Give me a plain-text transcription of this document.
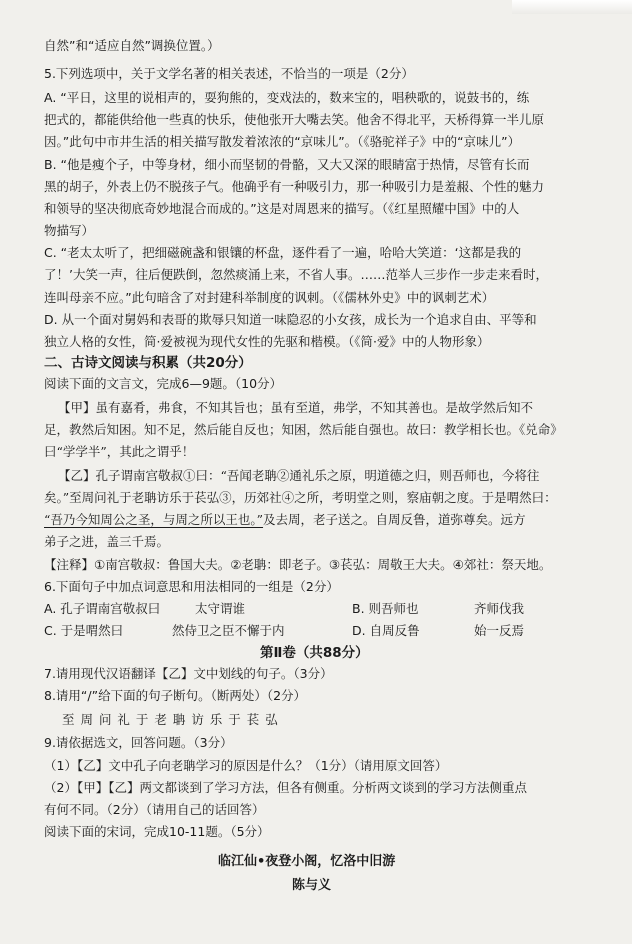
自然”和“适应自然”调换位置。）
5.下列选项中，关于文学名著的相关表述，不恰当的一项是（2分）
A. “平日，这里的说相声的，耍狗熊的，变戏法的，数来宝的，唱秧歌的，说鼓书的，练
把式的，都能供给他一些真的快乐，使他张开大嘴去笑。他舍不得北平，天桥得算一半儿原
因。”此句中市井生活的相关描写散发着浓浓的“京味儿”。（《骆驼祥子》中的“京味儿”）
B. “他是瘦个子，中等身材，细小而坚韧的骨骼，又大又深的眼睛富于热情，尽管有长而
黑的胡子，外表上仍不脱孩子气。他确乎有一种吸引力，那一种吸引力是羞赧、个性的魅力
和领导的坚决彻底奇妙地混合而成的。”这是对周恩来的描写。（《红星照耀中国》中的人
物描写）
C. “老太太听了，把细磁碗盏和银镶的杯盘，逐件看了一遍，哈哈大笑道：‘这都是我的
了！’大笑一声，往后便跌倒，忽然痰涌上来，不省人事。……范举人三步作一步走来看时，
连叫母亲不应。”此句暗含了对封建科举制度的讽刺。（《儒林外史》中的讽刺艺术）
D. 从一个面对舅妈和表哥的欺辱只知道一味隐忍的小女孩，成长为一个追求自由、平等和
独立人格的女性，简·爱被视为现代女性的先驱和楷模。（《简·爱》中的人物形象）
二、古诗文阅读与积累（共20分）
阅读下面的文言文，完成6—9题。（10分）
【甲】虽有嘉肴，弗食，不知其旨也；虽有至道，弗学，不知其善也。是故学然后知不
足，教然后知困。知不足，然后能自反也；知困，然后能自强也。故曰：教学相长也。《兑命》
曰“学学半”，其此之谓乎！
【乙】孔子谓南宫敬叔①曰：“吾闻老聃②通礼乐之原，明道德之归，则吾师也，今将往
矣。”至周问礼于老聃访乐于苌弘③，历郊社④之所，考明堂之则，察庙朝之度。于是喟然曰：
“吾乃今知周公之圣，与周之所以王也。”及去周，老子送之。自周反鲁，道弥尊矣。远方
弟子之进，盖三千焉。
【注释】①南宫敬叔：鲁国大夫。②老聃：即老子。③苌弘：周敬王大夫。④郊社：祭天地。
6.下面句子中加点词意思和用法相同的一组是（2分）
A. 孔子谓南宫敬叔曰	太守谓谁	B. 则吾师也	齐师伐我
C. 于是喟然曰	然侍卫之臣不懈于内	D. 自周反鲁	始一反焉
第Ⅱ卷（共88分）
7.请用现代汉语翻译【乙】文中划线的句子。（3分）
8.请用“/”给下面的句子断句。（断两处）（2分）
至 周 问 礼 于 老 聃 访 乐 于 苌 弘
9.请依据选文，回答问题。（3分）
（1）【乙】文中孔子向老聃学习的原因是什么？（1分）（请用原文回答）
（2）【甲】【乙】两文都谈到了学习方法，但各有侧重。分析两文谈到的学习方法侧重点
有何不同。（2分）（请用自己的话回答）
阅读下面的宋词，完成10-11题。（5分）
临江仙•夜登小阁，忆洛中旧游
陈与义
